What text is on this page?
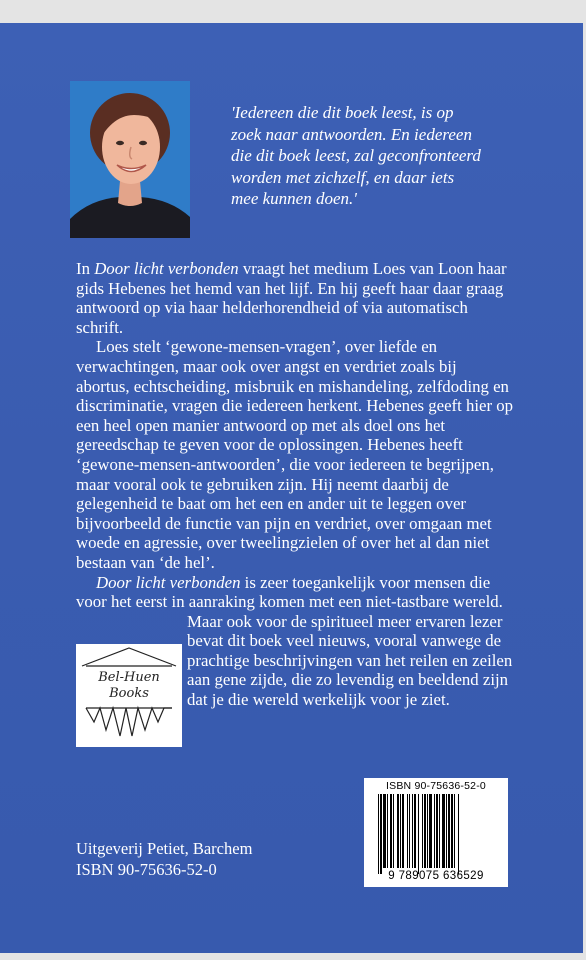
'Iedereen die dit boek leest, is op
zoek naar antwoorden. En iedereen
die dit boek leest, zal geconfronteerd
worden met zichzelf, en daar iets
mee kunnen doen.'

In Door licht verbonden vraagt het medium Loes van Loon haar gids Hebenes het hemd van het lijf. En hij geeft haar daar graag antwoord op via haar helderhorendheid of via automatisch schrift.

Loes stelt ‘gewone-mensen-vragen’, over liefde en verwachtingen, maar ook over angst en verdriet zoals bij abortus, echtscheiding, misbruik en mishandeling, zelfdoding en discriminatie, vragen die iedereen herkent. Hebenes geeft hier op een heel open manier antwoord op met als doel ons het gereedschap te geven voor de oplossingen. Hebenes heeft ‘gewone-mensen-antwoorden’, die voor iedereen te begrijpen, maar vooral ook te gebruiken zijn. Hij neemt daarbij de gelegenheid te baat om het een en ander uit te leggen over bijvoorbeeld de functie van pijn en verdriet, over omgaan met woede en agressie, over tweelingzielen of over het al dan niet bestaan van ‘de hel’.

Door licht verbonden is zeer toegankelijk voor mensen die voor het eerst in aanraking komen met een niet-tastbare wereld.

Maar ook voor de spiritueel meer ervaren lezer bevat dit boek veel nieuws, vooral vanwege de prachtige beschrijvingen van het reilen en zeilen aan gene zijde, die zo levendig en beeldend zijn dat je die wereld werkelijk voor je ziet.

Bel-Huen
Books
ISBN 90-75636-52-0
9 789075 636529
Uitgeverij Petiet, Barchem
ISBN 90-75636-52-0
